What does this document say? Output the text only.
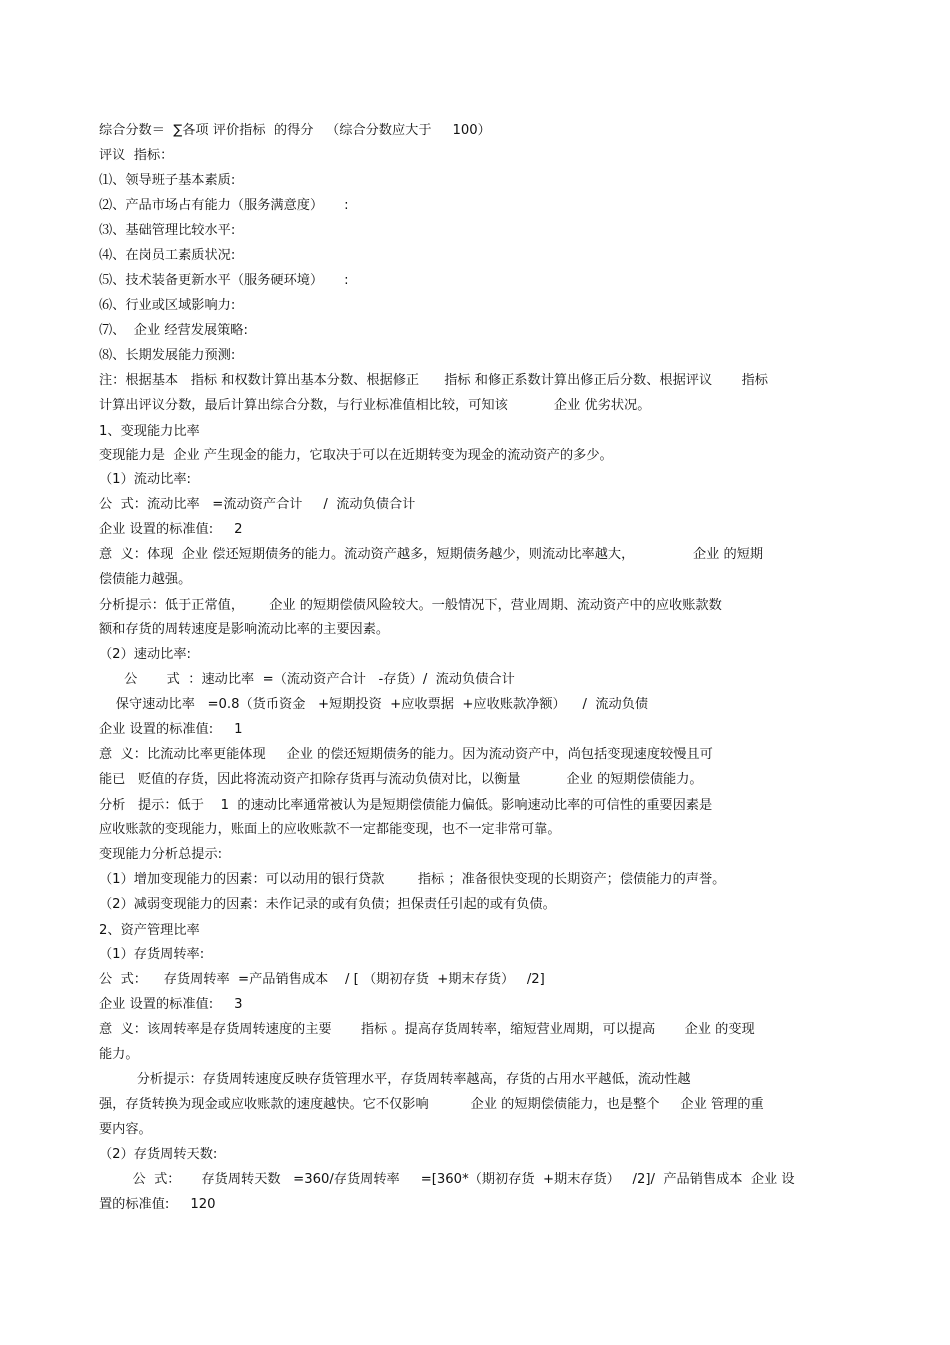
综合分数＝  ∑各项 评价指标  的得分   （综合分数应大于     100）
评议  指标：
⑴、领导班子基本素质:
⑵、产品市场占有能力（服务满意度）     :
⑶、基础管理比较水平:
⑷、在岗员工素质状况:
⑸、技术装备更新水平（服务硬环境）     :
⑹、行业或区域影响力:
⑺、  企业 经营发展策略:
⑻、长期发展能力预测:
注：根据基本   指标 和权数计算出基本分数、根据修正      指标 和修正系数计算出修正后分数、根据评议       指标
计算出评议分数，最后计算出综合分数，与行业标准值相比较，可知该           企业 优劣状况。
1、变现能力比率
变现能力是  企业 产生现金的能力，它取决于可以在近期转变为现金的流动资产的多少。
（1）流动比率:
公  式：流动比率   =流动资产合计     /  流动负债合计
企业 设置的标准值:     2
意  义：体现  企业 偿还短期债务的能力。流动资产越多，短期债务越少，则流动比率越大，              企业 的短期
偿债能力越强。
分析提示：低于正常值，      企业 的短期偿债风险较大。一般情况下，营业周期、流动资产中的应收账款数
额和存货的周转速度是影响流动比率的主要因素。
（2）速动比率:
公       式  ：速动比率  =（流动资产合计   -存货）/  流动负债合计
保守速动比率   =0.8（货币资金   +短期投资  +应收票据  +应收账款净额）    /  流动负债
企业 设置的标准值:     1
意  义：比流动比率更能体现     企业 的偿还短期债务的能力。因为流动资产中，尚包括变现速度较慢且可
能已   贬值的存货，因此将流动资产扣除存货再与流动负债对比，以衡量           企业 的短期偿债能力。
分析   提示：低于    1  的速动比率通常被认为是短期偿债能力偏低。影响速动比率的可信性的重要因素是
应收账款的变现能力，账面上的应收账款不一定都能变现，也不一定非常可靠。
变现能力分析总提示:
（1）增加变现能力的因素：可以动用的银行贷款        指标 ；准备很快变现的长期资产；偿债能力的声誉。
（2）减弱变现能力的因素：未作记录的或有负债；担保责任引起的或有负债。
2、资产管理比率
（1）存货周转率:
公  式：    存货周转率  =产品销售成本    / [ （期初存货  +期末存货）   /2]
企业 设置的标准值:     3
意  义：该周转率是存货周转速度的主要       指标 。提高存货周转率，缩短营业周期，可以提高       企业 的变现
能力。
分析提示：存货周转速度反映存货管理水平，存货周转率越高，存货的占用水平越低，流动性越
强，存货转换为现金或应收账款的速度越快。它不仅影响          企业 的短期偿债能力，也是整个     企业 管理的重
要内容。
（2）存货周转天数:
公  式：     存货周转天数   =360/存货周转率     =[360*（期初存货  +期末存货）   /2]/  产品销售成本  企业 设
置的标准值:     120
